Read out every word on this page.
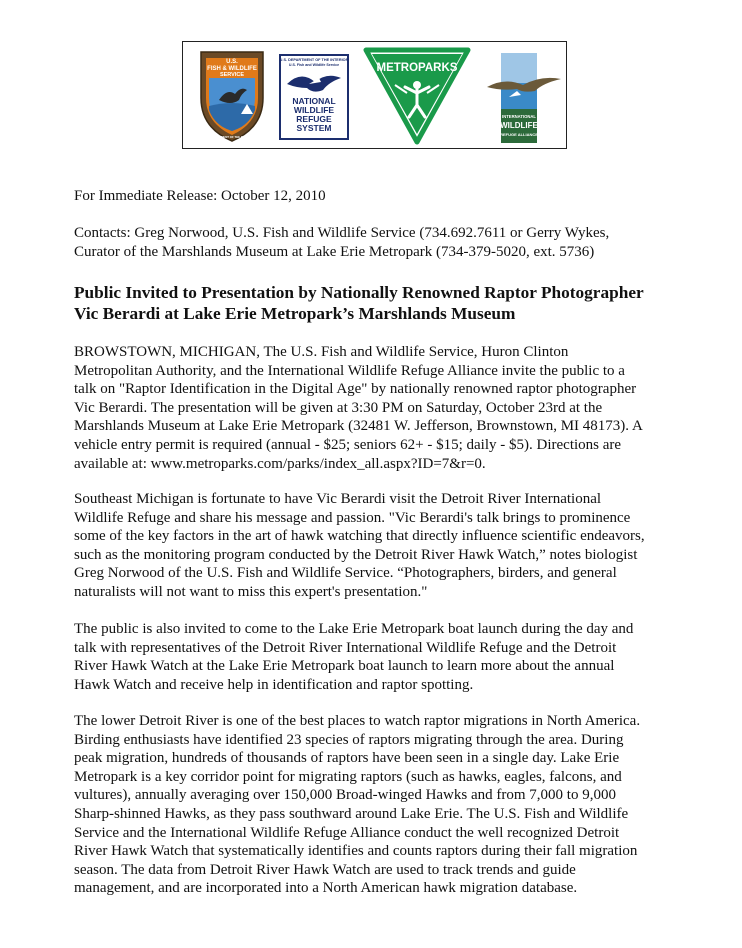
U.S.
FISH & WILDLIFE
SERVICE
DEPARTMENT OF THE INTERIOR
U.S. DEPARTMENT OF THE INTERIOR
U.S. Fish and Wildlife Service
NATIONAL
WILDLIFE
REFUGE
SYSTEM
METROPARKS
INTERNATIONAL
WILDLIFE
REFUGE ALLIANCE
For Immediate Release: October 12, 2010
Contacts: Greg Norwood, U.S. Fish and Wildlife Service (734.692.7611 or Gerry Wykes,
Curator of the Marshlands Museum at Lake Erie Metropark (734-379-5020, ext. 5736)
Public Invited to Presentation by Nationally Renowned Raptor Photographer
Vic Berardi at Lake Erie Metropark’s Marshlands Museum
BROWSTOWN, MICHIGAN, The U.S. Fish and Wildlife Service, Huron Clinton
Metropolitan Authority, and the International Wildlife Refuge Alliance invite the public to a
talk on "Raptor Identification in the Digital Age" by nationally renowned raptor photographer
Vic Berardi. The presentation will be given at 3:30 PM on Saturday, October 23rd at the
Marshlands Museum at Lake Erie Metropark (32481 W. Jefferson, Brownstown, MI 48173). A
vehicle entry permit is required (annual - $25; seniors 62+ - $15; daily - $5). Directions are
available at: www.metroparks.com/parks/index_all.aspx?ID=7&r=0.
Southeast Michigan is fortunate to have Vic Berardi visit the Detroit River International
Wildlife Refuge and share his message and passion. "Vic Berardi's talk brings to prominence
some of the key factors in the art of hawk watching that directly influence scientific endeavors,
such as the monitoring program conducted by the Detroit River Hawk Watch,” notes biologist
Greg Norwood of the U.S. Fish and Wildlife Service. “Photographers, birders, and general
naturalists will not want to miss this expert's presentation."
The public is also invited to come to the Lake Erie Metropark boat launch during the day and
talk with representatives of the Detroit River International Wildlife Refuge and the Detroit
River Hawk Watch at the Lake Erie Metropark boat launch to learn more about the annual
Hawk Watch and receive help in identification and raptor spotting.
The lower Detroit River is one of the best places to watch raptor migrations in North America.
Birding enthusiasts have identified 23 species of raptors migrating through the area. During
peak migration, hundreds of thousands of raptors have been seen in a single day. Lake Erie
Metropark is a key corridor point for migrating raptors (such as hawks, eagles, falcons, and
vultures), annually averaging over 150,000 Broad-winged Hawks and from 7,000 to 9,000
Sharp-shinned Hawks, as they pass southward around Lake Erie. The U.S. Fish and Wildlife
Service and the International Wildlife Refuge Alliance conduct the well recognized Detroit
River Hawk Watch that systematically identifies and counts raptors during their fall migration
season. The data from Detroit River Hawk Watch are used to track trends and guide
management, and are incorporated into a North American hawk migration database.
